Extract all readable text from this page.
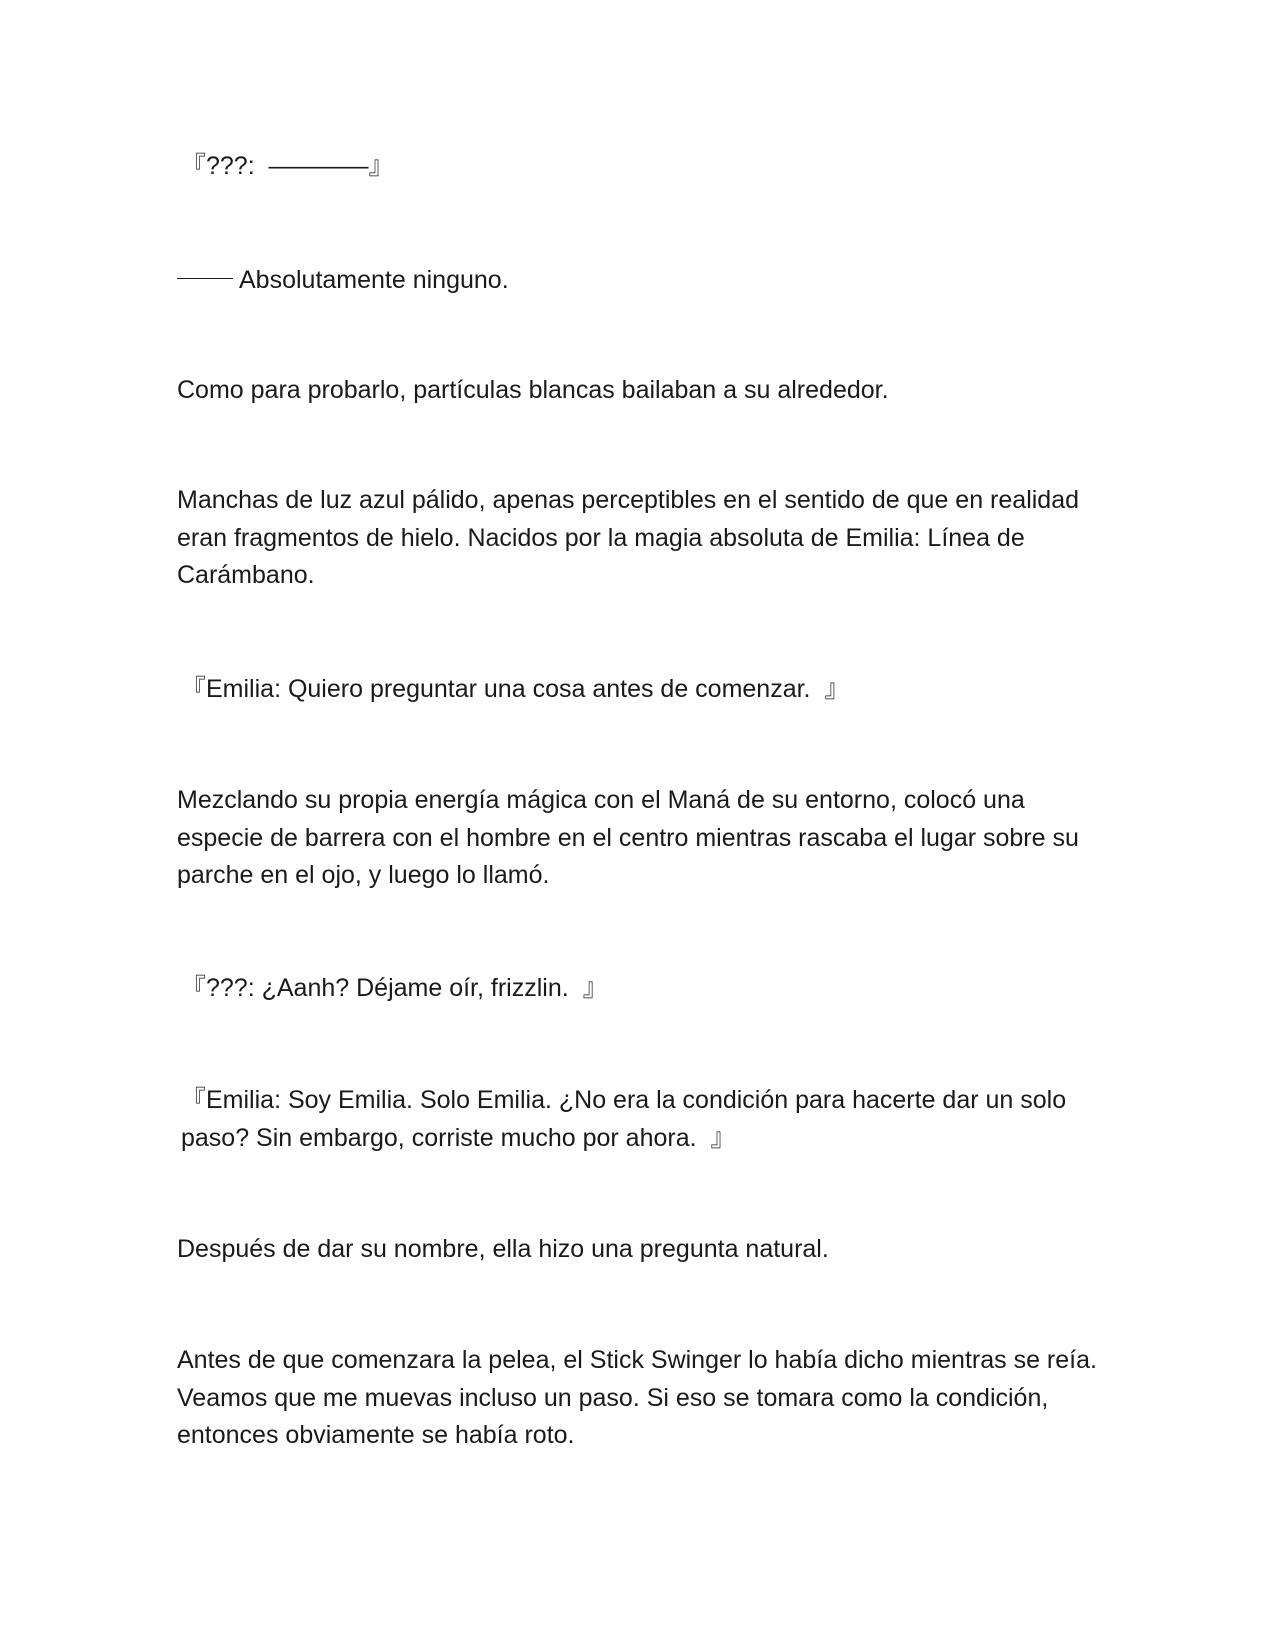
『???:  ————』

Absolutamente ninguno.

Como para probarlo, partículas blancas bailaban a su alrededor.

Manchas de luz azul pálido, apenas perceptibles en el sentido de que en realidad eran fragmentos de hielo. Nacidos por la magia absoluta de Emilia: Línea de Carámbano.

『Emilia: Quiero preguntar una cosa antes de comenzar.  』

Mezclando su propia energía mágica con el Maná de su entorno, colocó una especie de barrera con el hombre en el centro mientras rascaba el lugar sobre su parche en el ojo, y luego lo llamó.

『???: ¿Aanh? Déjame oír, frizzlin.  』

『Emilia: Soy Emilia. Solo Emilia. ¿No era la condición para hacerte dar un solo paso? Sin embargo, corriste mucho por ahora.  』

Después de dar su nombre, ella hizo una pregunta natural.

Antes de que comenzara la pelea, el Stick Swinger lo había dicho mientras se reía. Veamos que me muevas incluso un paso. Si eso se tomara como la condición, entonces obviamente se había roto.
